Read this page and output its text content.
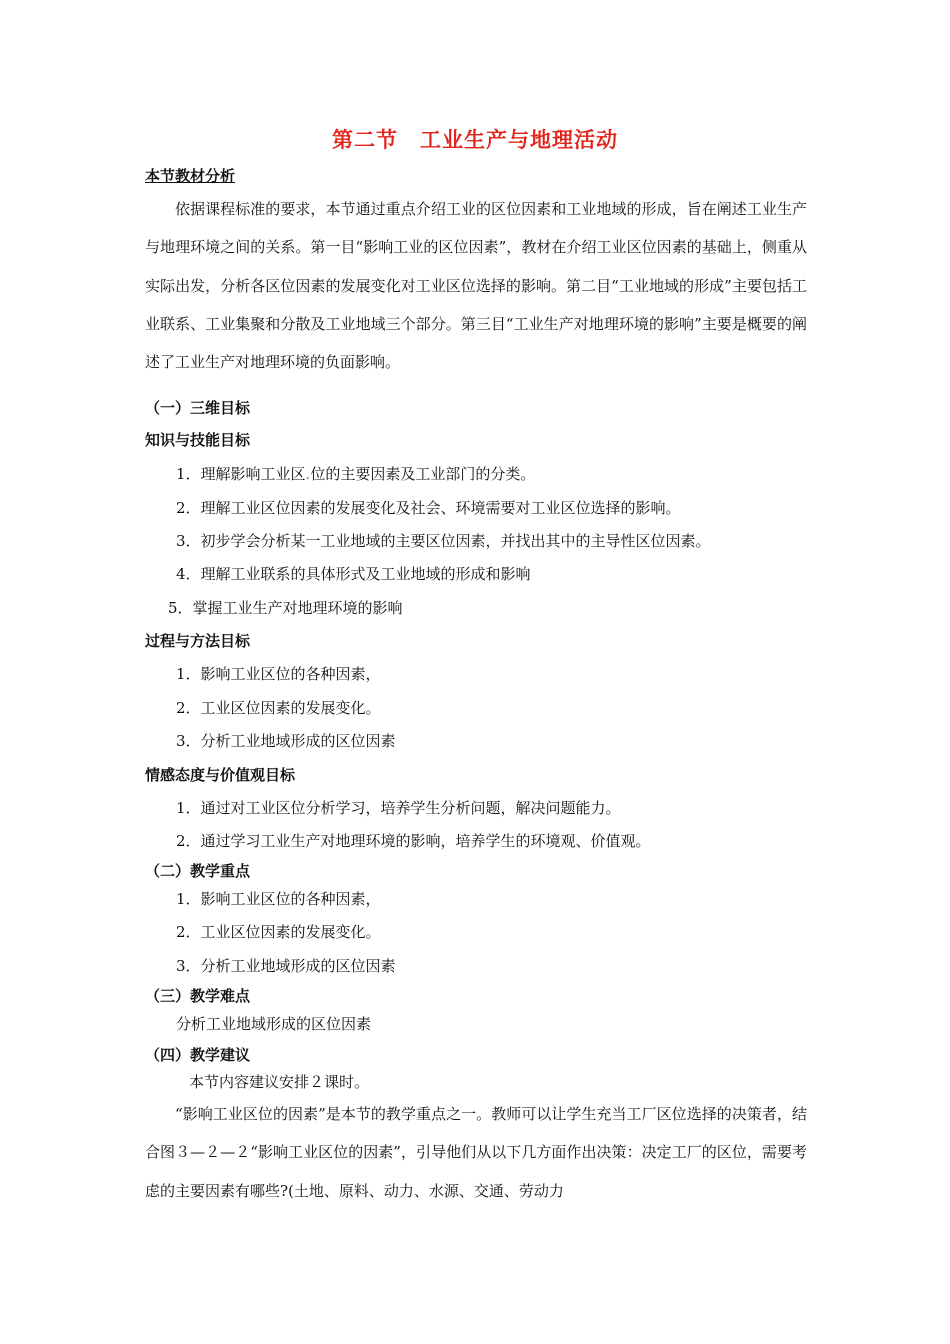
第二节 工业生产与地理活动
本节教材分析

依据课程标准的要求，本节通过重点介绍工业的区位因素和工业地域的形成，旨在阐述工业生产与地理环境之间的关系。第一目“影响工业的区位因素”，教材在介绍工业区位因素的基础上，侧重从实际出发，分析各区位因素的发展变化对工业区位选择的影响。第二目“工业地域的形成”主要包括工业联系、工业集聚和分散及工业地域三个部分。第三目“工业生产对地理环境的影响”主要是概要的阐述了工业生产对地理环境的负面影响。

（一）三维目标
知识与技能目标
1．理解影响工业区.位的主要因素及工业部门的分类。
2．理解工业区位因素的发展变化及社会、环境需要对工业区位选择的影响。
3．初步学会分析某一工业地域的主要区位因素，并找出其中的主导性区位因素。
4．理解工业联系的具体形式及工业地域的形成和影响
5．掌握工业生产对地理环境的影响
过程与方法目标
1．影响工业区位的各种因素，
2．工业区位因素的发展变化。
3．分析工业地域形成的区位因素
情感态度与价值观目标
1．通过对工业区位分析学习，培养学生分析问题，解决问题能力。
2．通过学习工业生产对地理环境的影响，培养学生的环境观、价值观。
（二）教学重点
1．影响工业区位的各种因素，
2．工业区位因素的发展变化。
3．分析工业地域形成的区位因素
（三）教学难点
分析工业地域形成的区位因素
（四）教学建议
本节内容建议安排２课时。

“影响工业区位的因素”是本节的教学重点之一。教师可以让学生充当工厂区位选择的决策者，结合图３—２—２“影响工业区位的因素”，引导他们从以下几方面作出决策：决定工厂的区位，需要考虑的主要因素有哪些?(土地、原料、动力、水源、交通、劳动力
